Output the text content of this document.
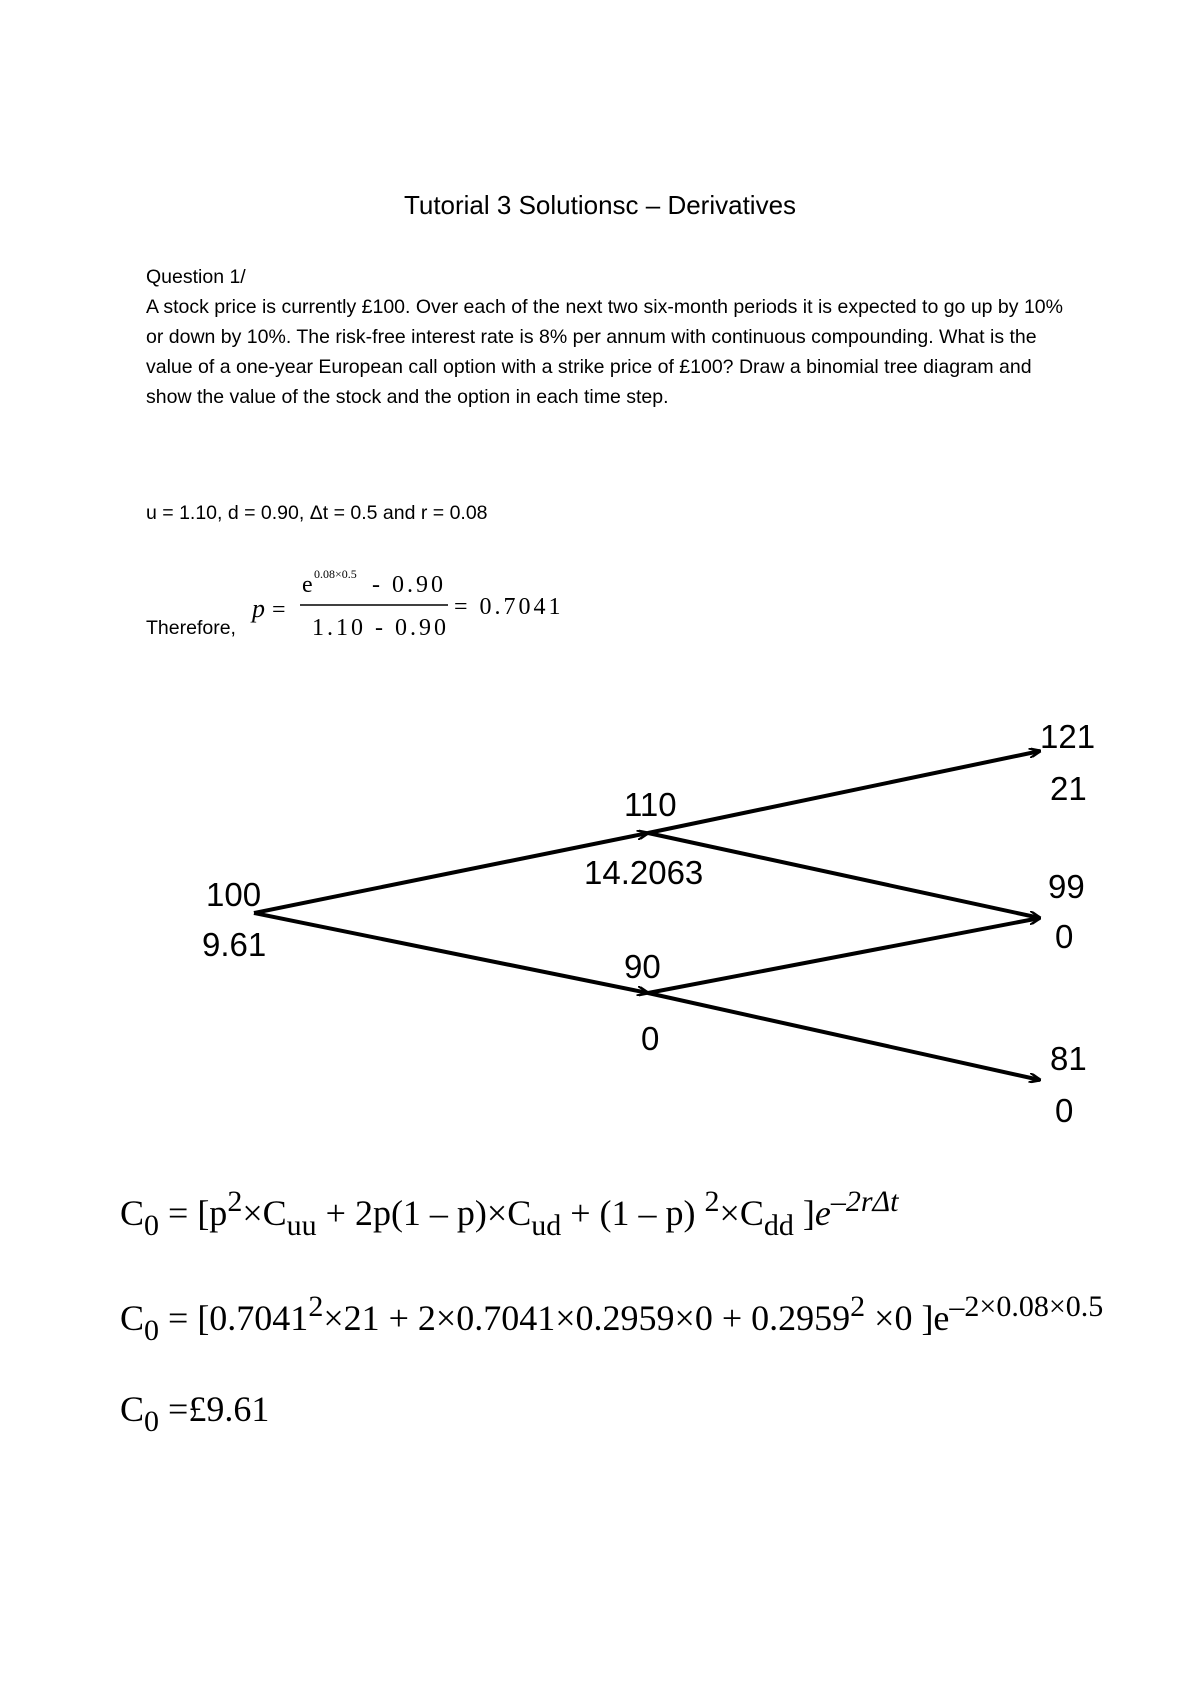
Tutorial 3 Solutionsc – Derivatives
Question 1/

A stock price is currently £100. Over each of the next two six-month periods it is expected to go up by 10% or down by 10%. The risk-free interest rate is 8% per annum with continuous compounding. What is the value of a one-year European call option with a strike price of £100? Draw a binomial tree diagram and show the value of the stock and the option in each time step.

u = 1.10, d = 0.90, Δt = 0.5 and r = 0.08
Therefore,
p =
e 0.08×0.5 - 0.90
1.10 - 0.90
= 0.7041
100
9.61
110
14.2063
90
0
121
21
99
0
81
0
$C_0 = [p^2\times C_{uu} + 2p(1 - p)\times C_{ud} + (1 - p)$ $^2\times C_{dd}$ ]$e^{-2r\Delta t}$
$C_0 = [0.7041^2\times 21 + 2\times 0.7041\times 0.2959\times 0 + 0.2959^2 \times 0$ ]$e^{-2\times 0.08\times 0.5}$
$C_0$ =£9.61
